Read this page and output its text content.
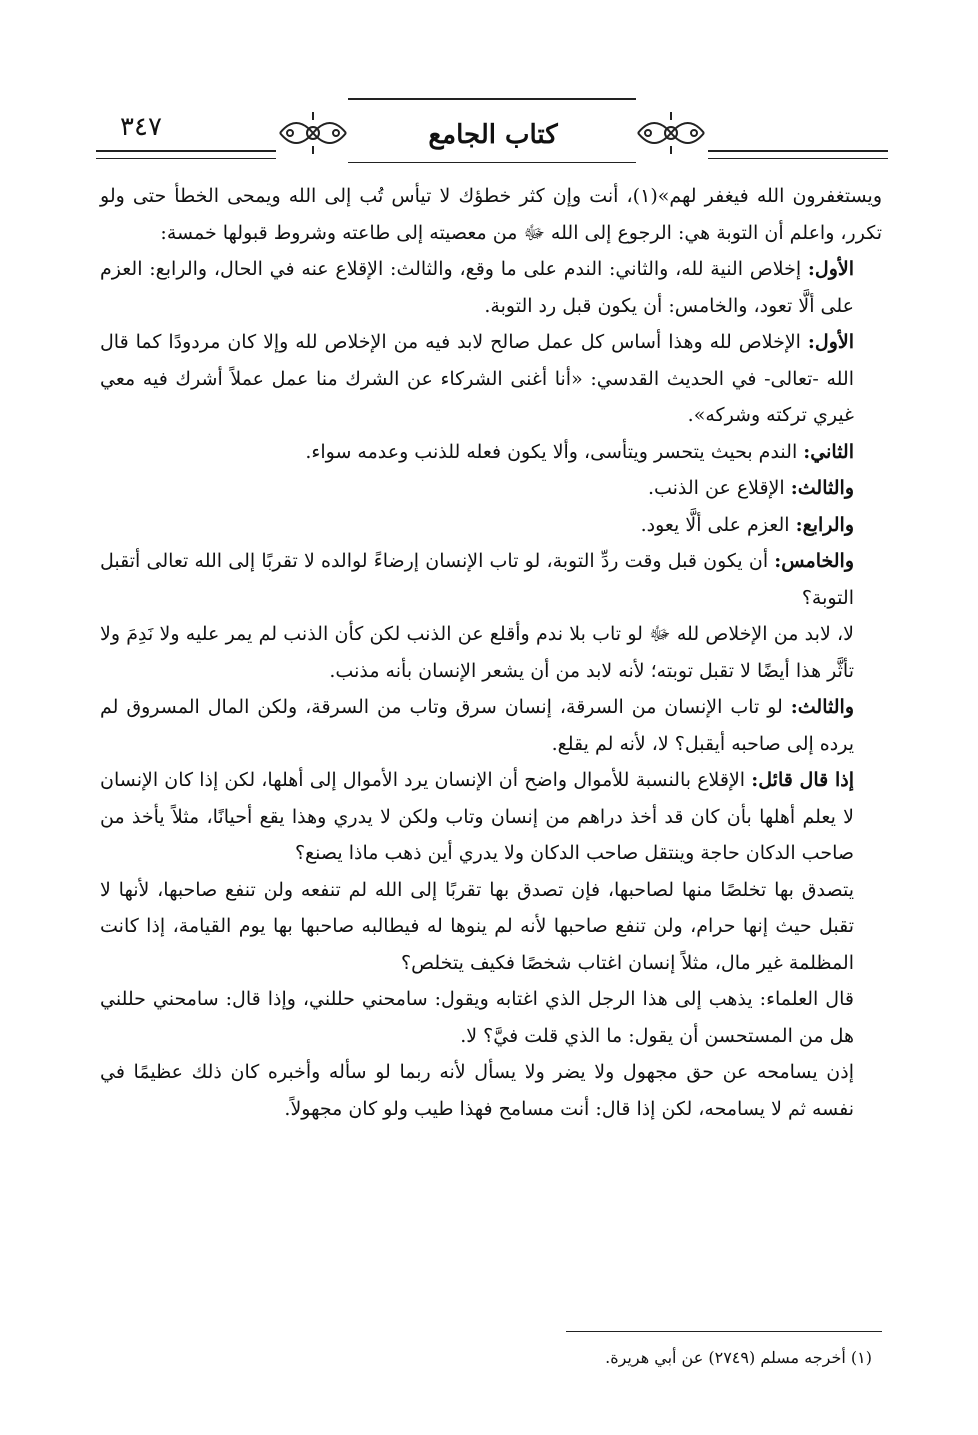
٣٤٧	كتاب الجامع

ويستغفرون الله فيغفر لهم»(١)، أنت وإن كثر خطؤك لا تيأس تُب إلى الله ويمحى الخطأ حتى ولو تكرر، واعلم أن التوبة هي: الرجوع إلى الله ﷻ من معصيته إلى طاعته وشروط قبولها خمسة:

الأول: إخلاص النية لله، والثاني: الندم على ما وقع، والثالث: الإقلاع عنه في الحال، والرابع: العزم على ألَّا تعود، والخامس: أن يكون قبل رد التوبة.

الأول: الإخلاص لله وهذا أساس كل عمل صالح لابد فيه من الإخلاص لله وإلا كان مردودًا كما قال الله -تعالى- في الحديث القدسي: «أنا أغنى الشركاء عن الشرك منا عمل عملاً أشرك فيه معي غيري تركته وشركه».

الثاني: الندم بحيث يتحسر ويتأسى، وألا يكون فعله للذنب وعدمه سواء.

والثالث: الإقلاع عن الذنب.

والرابع: العزم على ألَّا يعود.

والخامس: أن يكون قبل وقت ردِّ التوبة، لو تاب الإنسان إرضاءً لوالده لا تقربًا إلى الله تعالى أتقبل التوبة؟

لا، لابد من الإخلاص لله ﷻ لو تاب بلا ندم وأقلع عن الذنب لكن كأن الذنب لم يمر عليه ولا نَدِمَ ولا تأثَّر هذا أيضًا لا تقبل توبته؛ لأنه لابد من أن يشعر الإنسان بأنه مذنب.

والثالث: لو تاب الإنسان من السرقة، إنسان سرق وتاب من السرقة، ولكن المال المسروق لم يرده إلى صاحبه أيقبل؟ لا، لأنه لم يقلع.

إذا قال قائل: الإقلاع بالنسبة للأموال واضح أن الإنسان يرد الأموال إلى أهلها، لكن إذا كان الإنسان لا يعلم أهلها بأن كان قد أخذ دراهم من إنسان وتاب ولكن لا يدري وهذا يقع أحيانًا، مثلاً يأخذ من صاحب الدكان حاجة وينتقل صاحب الدكان ولا يدري أين ذهب ماذا يصنع؟

يتصدق بها تخلصًا منها لصاحبها، فإن تصدق بها تقربًا إلى الله لم تنفعه ولن تنفع صاحبها، لأنها لا تقبل حيث إنها حرام، ولن تنفع صاحبها لأنه لم ينوها له فيطالبه صاحبها بها يوم القيامة، إذا كانت المظلمة غير مال، مثلاً إنسان اغتاب شخصًا فكيف يتخلص؟

قال العلماء: يذهب إلى هذا الرجل الذي اغتابه ويقول: سامحني حللني، وإذا قال: سامحني حللني هل من المستحسن أن يقول: ما الذي قلت فيَّ؟ لا.

إذن يسامحه عن حق مجهول ولا يضر ولا يسأل لأنه ربما لو سأله وأخبره كان ذلك عظيمًا في نفسه ثم لا يسامحه، لكن إذا قال: أنت مسامح فهذا طيب ولو كان مجهولاً.

(١) أخرجه مسلم (٢٧٤٩) عن أبي هريرة.
